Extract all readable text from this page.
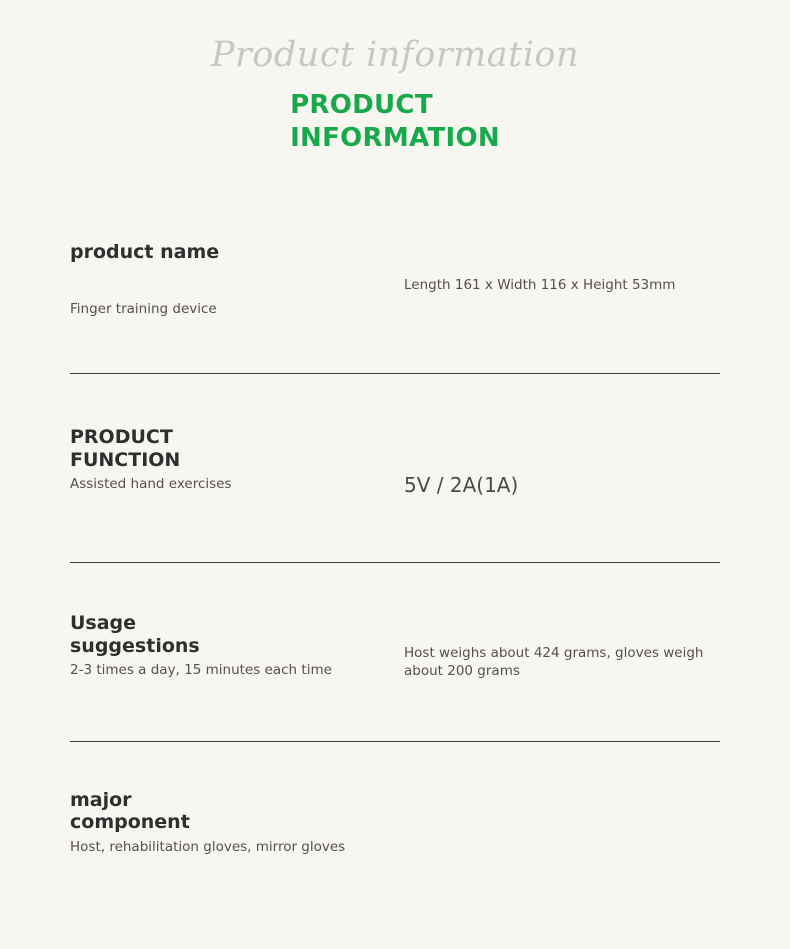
Product information
PRODUCT
INFORMATION
product name
Finger training device
Length 161 x Width 116 x Height 53mm
PRODUCT
FUNCTION
Assisted hand exercises	5V / 2A(1A)
Usage
suggestions
2-3 times a day, 15 minutes each time
Host weighs about 424 grams, gloves weigh about 200 grams
major
component
Host, rehabilitation gloves, mirror gloves
